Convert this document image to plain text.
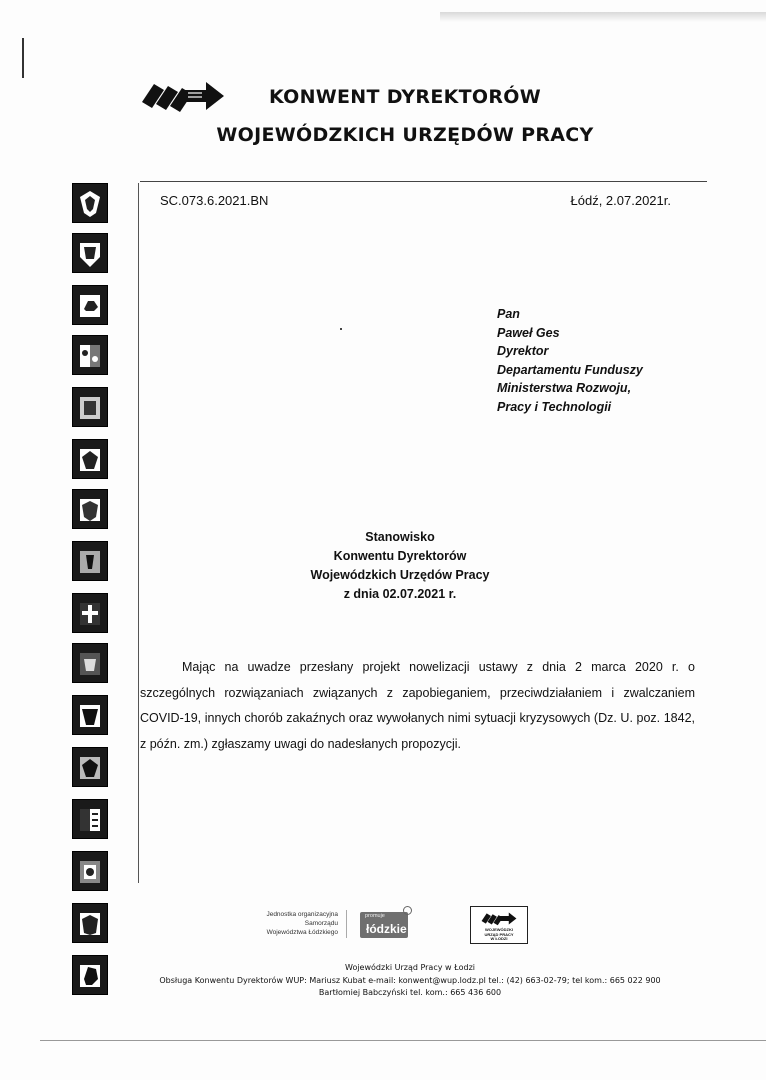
KONWENT DYREKTORÓW
WOJEWÓDZKICH URZĘDÓW PRACY
SC.073.6.2021.BN	Łódź, 2.07.2021r.
Pan
Paweł Ges
Dyrektor
Departamentu Funduszy
Ministerstwa Rozwoju,
Pracy i Technologii
Stanowisko
Konwentu Dyrektorów
Wojewódzkich Urzędów Pracy
z dnia 02.07.2021 r.
Mając na uwadze przesłany projekt nowelizacji ustawy z dnia 2 marca 2020 r. o szczególnych rozwiązaniach związanych z zapobieganiem, przeciwdziałaniem i zwalczaniem COVID-19, innych chorób zakaźnych oraz wywołanych nimi sytuacji kryzysowych (Dz. U. poz. 1842, z późn. zm.) zgłaszamy uwagi do nadesłanych propozycji.
Jednostka organizacyjna
Samorządu
Województwa Łódzkiego
promuje
łódzkie	WOJEWÓDZKI
URZĄD PRACY
W ŁODZI
Wojewódzki Urząd Pracy w Łodzi
Obsługa Konwentu Dyrektorów WUP: Mariusz Kubat e-mail: konwent@wup.lodz.pl tel.: (42) 663-02-79; tel kom.: 665 022 900
Bartłomiej Babczyński tel. kom.: 665 436 600
